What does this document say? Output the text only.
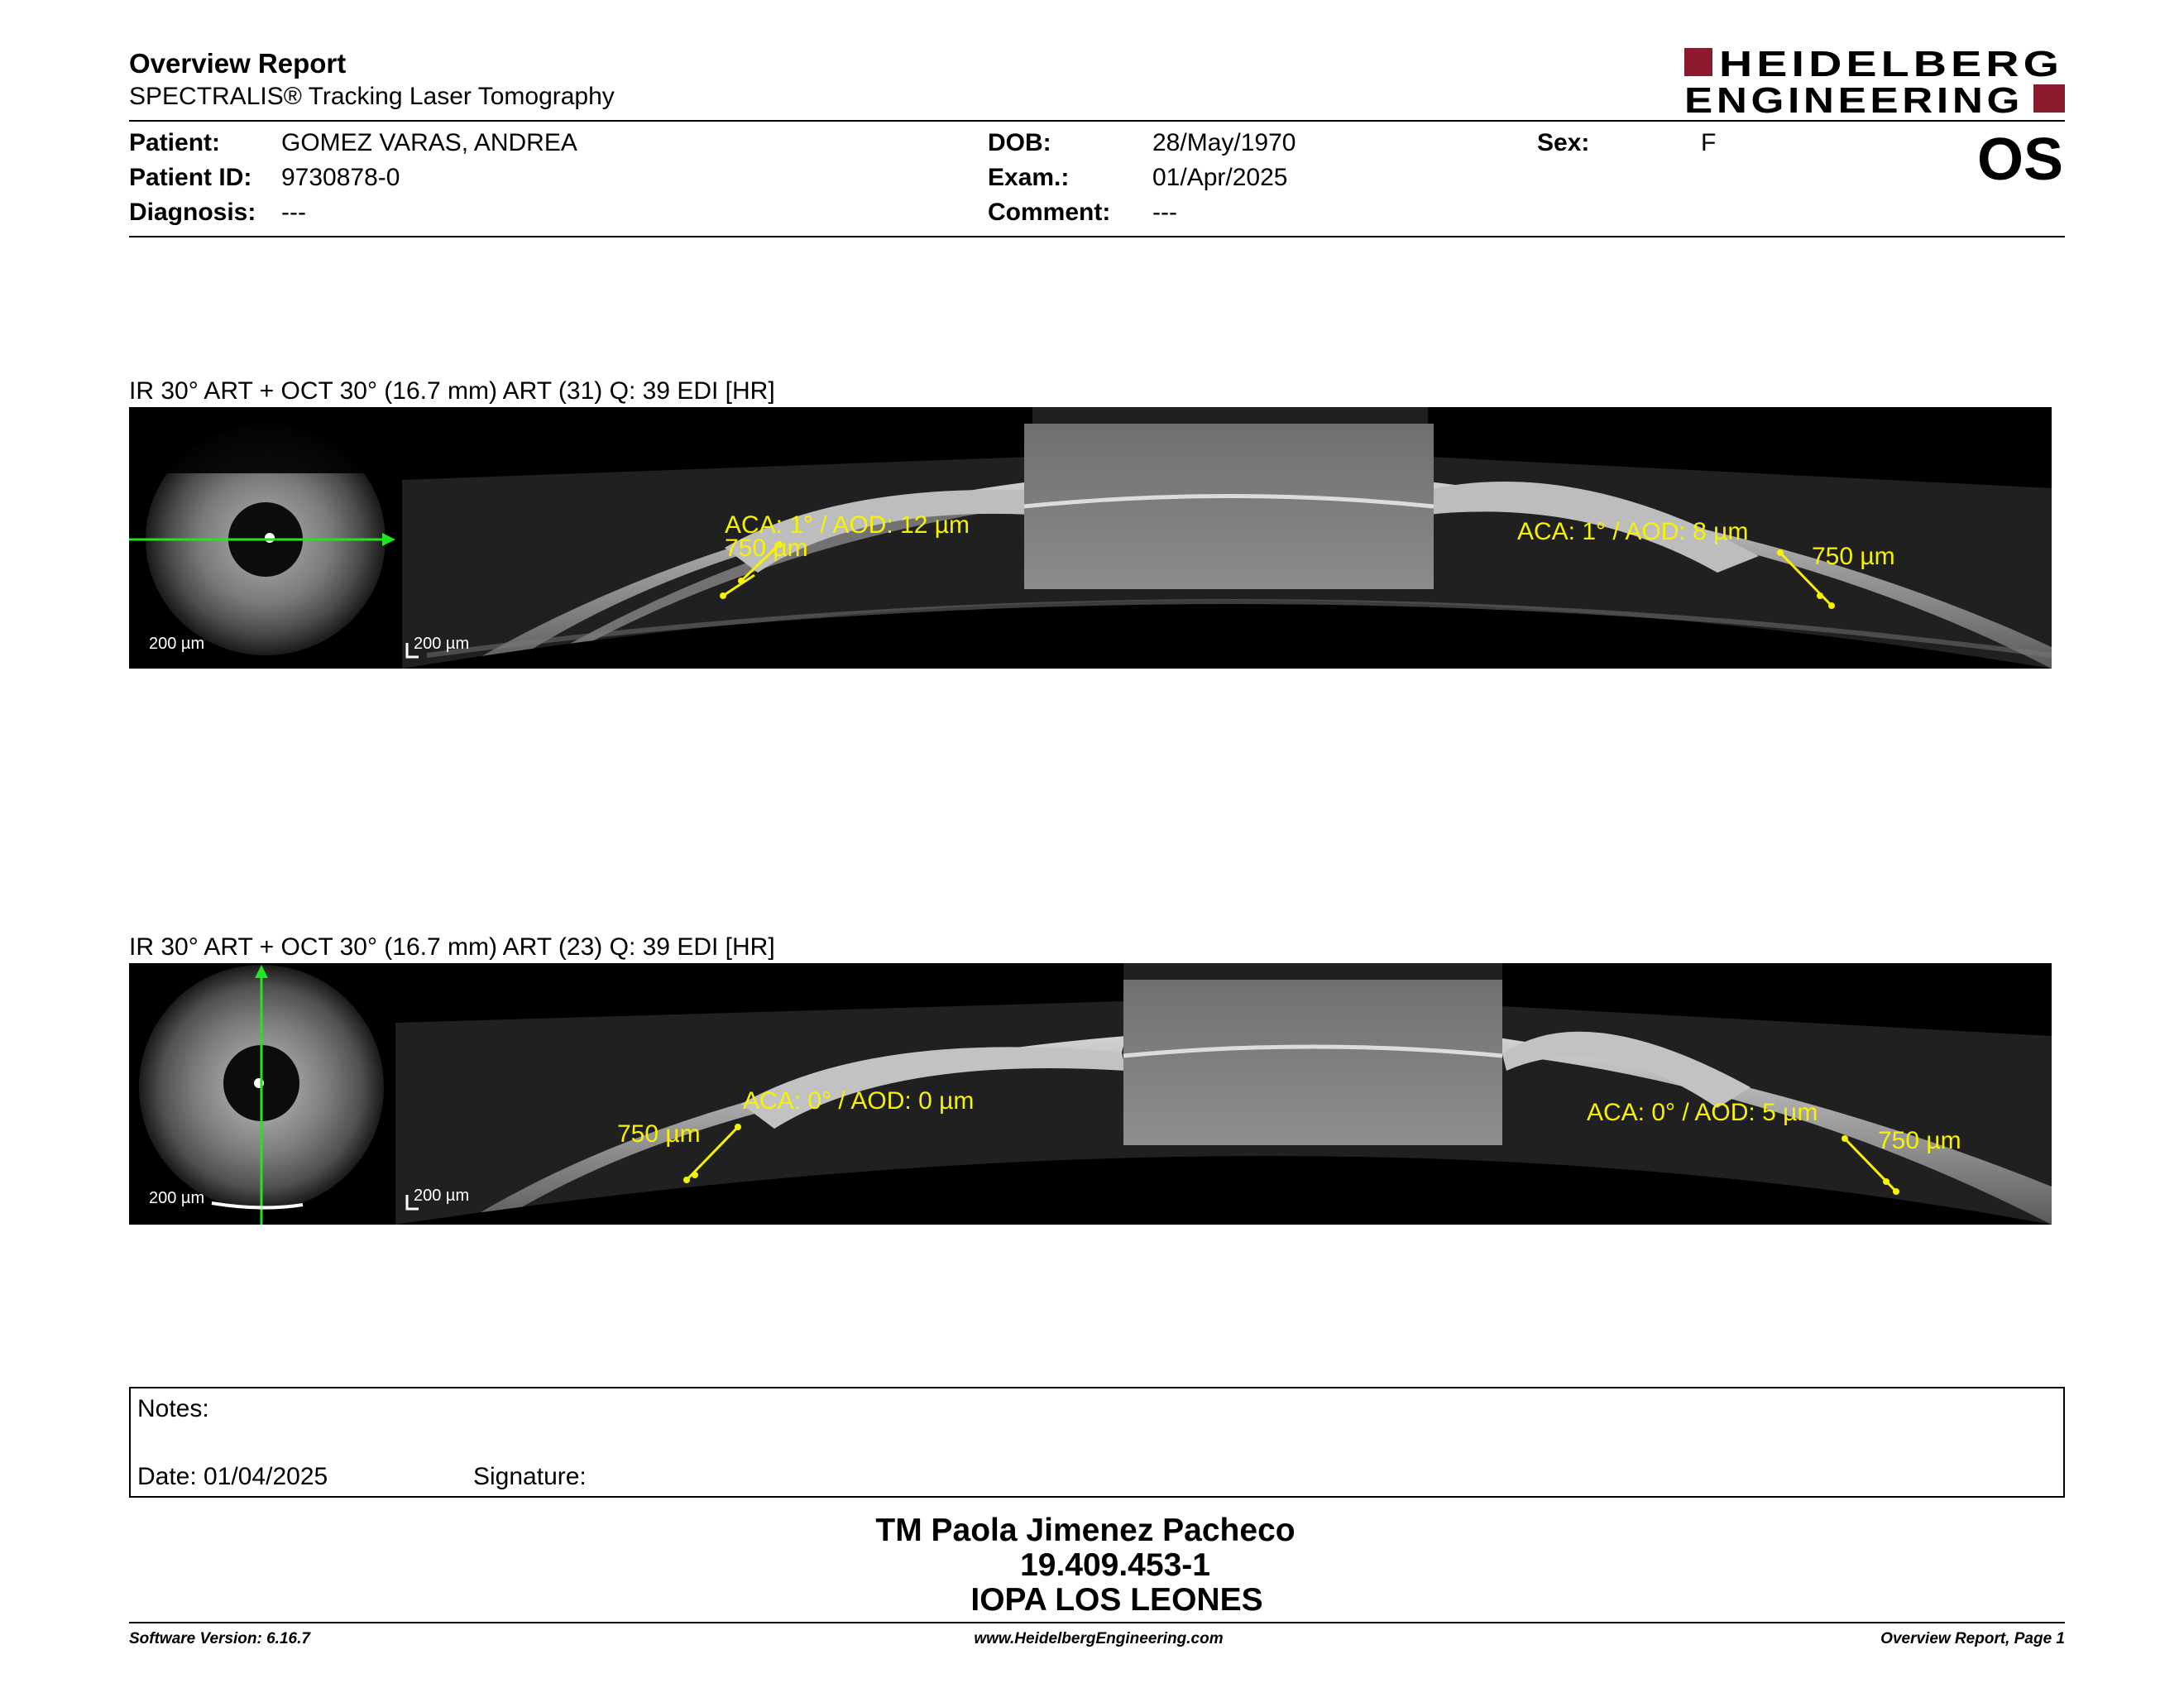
Overview Report
SPECTRALIS® Tracking Laser Tomography
HEIDELBERG
ENGINEERING
Patient: GOMEZ VARAS, ANDREA
Patient ID: 9730878-0
Diagnosis: ---
DOB:	28/May/1970
Exam.:	01/Apr/2025
Comment: ---
Sex:	F	OS
IR 30° ART + OCT 30° (16.7 mm) ART (31) Q: 39 EDI [HR]
200 µm
750 µm
ACA: 1° / AOD: 12 µm
750 µm
ACA: 1° / AOD: 8 µm
200 µm
IR 30° ART + OCT 30° (16.7 mm) ART (23) Q: 39 EDI [HR]
200 µm
750 µm
ACA: 0° / AOD: 0 µm
750 µm
ACA: 0° / AOD: 5 µm
200 µm
Notes:
Date: 01/04/2025	Signature:
TM Paola Jimenez Pacheco
19.409.453-1
IOPA LOS LEONES
Software Version: 6.16.7	www.HeidelbergEngineering.com	Overview Report, Page 1
